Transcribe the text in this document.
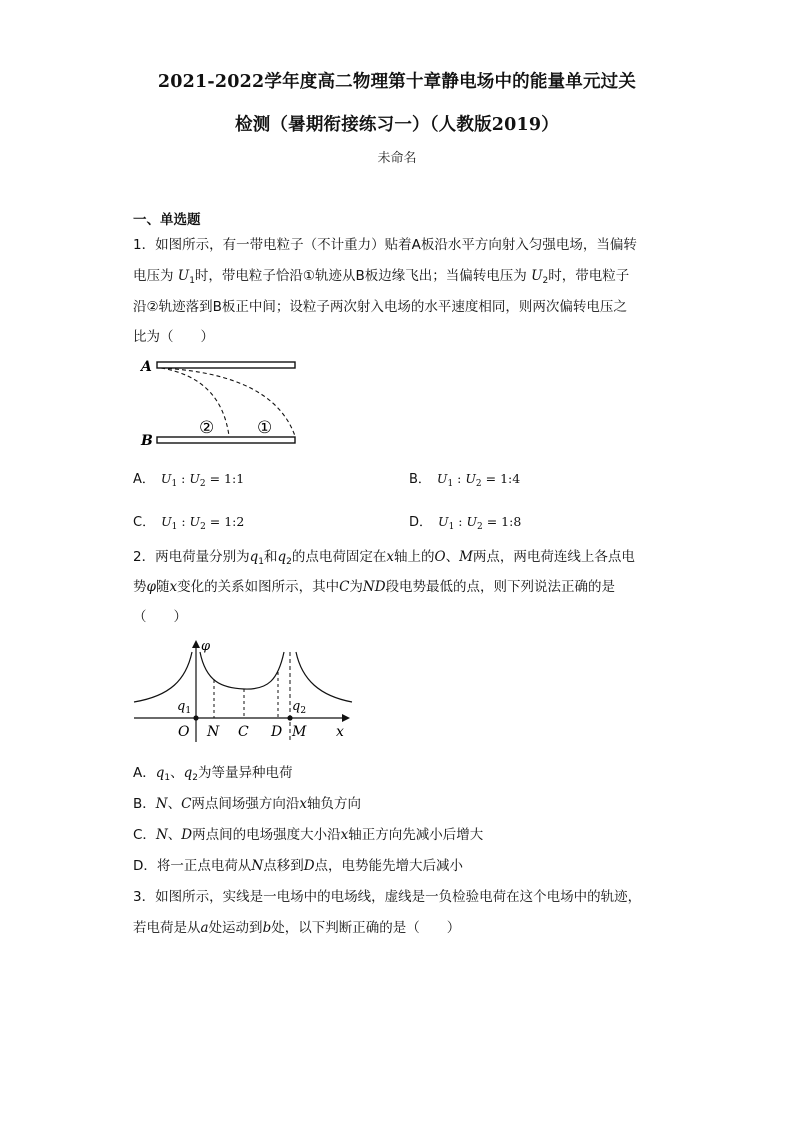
2021-2022学年度高二物理第十章静电场中的能量单元过关
检测（暑期衔接练习一）（人教版2019）
未命名
一、单选题
1．如图所示，有一带电粒子（不计重力）贴着A板沿水平方向射入匀强电场，当偏转
电压为 $U_1$时，带电粒子恰沿①轨迹从B板边缘飞出；当偏转电压为 $U_2$时，带电粒子
沿②轨迹落到B板正中间；设粒子两次射入电场的水平速度相同，则两次偏转电压之
比为（　　）
A
B
②	①
A． $U_1$ : $U_2$ = 1:1	B． $U_1$ : $U_2$ = 1:4
C． $U_1$ : $U_2$ = 1:2	D． $U_1$ : $U_2$ = 1:8
2．两电荷量分别为$q_1$和$q_2$的点电荷固定在x轴上的O、M两点，两电荷连线上各点电
势φ随x变化的关系如图所示，其中C为ND段电势最低的点，则下列说法正确的是
（　　）
φ
$q_1$	$q_2$
O N C D M x
A．$q_1$、$q_2$为等量异种电荷
B．N、C两点间场强方向沿x轴负方向
C．N、D两点间的电场强度大小沿x轴正方向先减小后增大
D．将一正点电荷从N点移到D点，电势能先增大后减小
3．如图所示，实线是一电场中的电场线，虚线是一负检验电荷在这个电场中的轨迹，
若电荷是从a处运动到b处，以下判断正确的是（　　）
